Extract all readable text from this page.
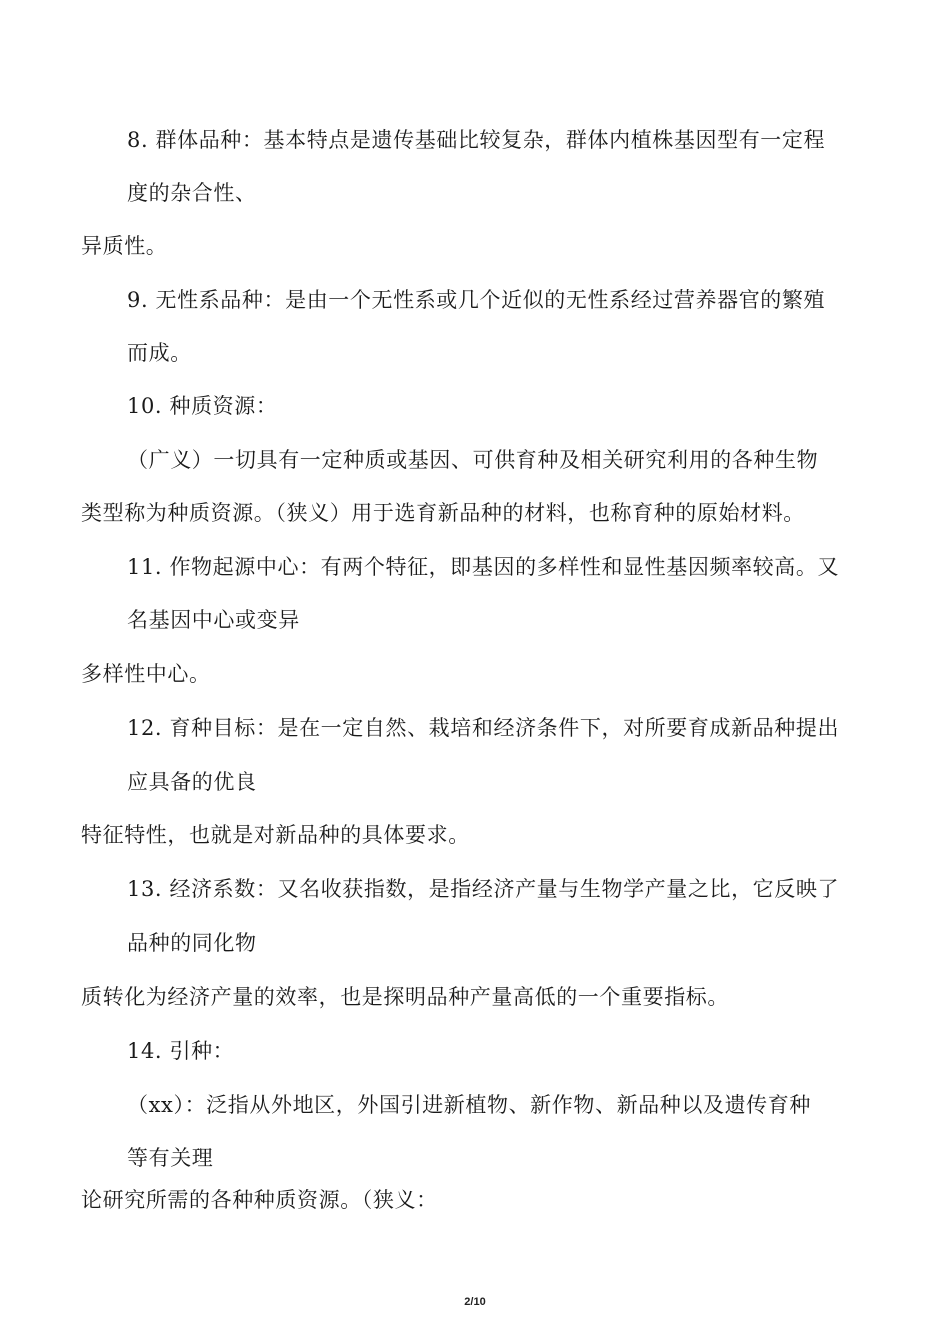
8. 群体品种：基本特点是遗传基础比较复杂，群体内植株基因型有一定程
度的杂合性、
异质性。
9. 无性系品种：是由一个无性系或几个近似的无性系经过营养器官的繁殖
而成。
10. 种质资源：
（广义）一切具有一定种质或基因、可供育种及相关研究利用的各种生物
类型称为种质资源。（狭义）用于选育新品种的材料，也称育种的原始材料。
11. 作物起源中心：有两个特征，即基因的多样性和显性基因频率较高。又
名基因中心或变异
多样性中心。
12. 育种目标：是在一定自然、栽培和经济条件下，对所要育成新品种提出
应具备的优良
特征特性，也就是对新品种的具体要求。
13. 经济系数：又名收获指数，是指经济产量与生物学产量之比，它反映了
品种的同化物
质转化为经济产量的效率，也是探明品种产量高低的一个重要指标。
14. 引种：
（xx）：泛指从外地区，外国引进新植物、新作物、新品种以及遗传育种
等有关理
论研究所需的各种种质资源。（狭义：
2/10
